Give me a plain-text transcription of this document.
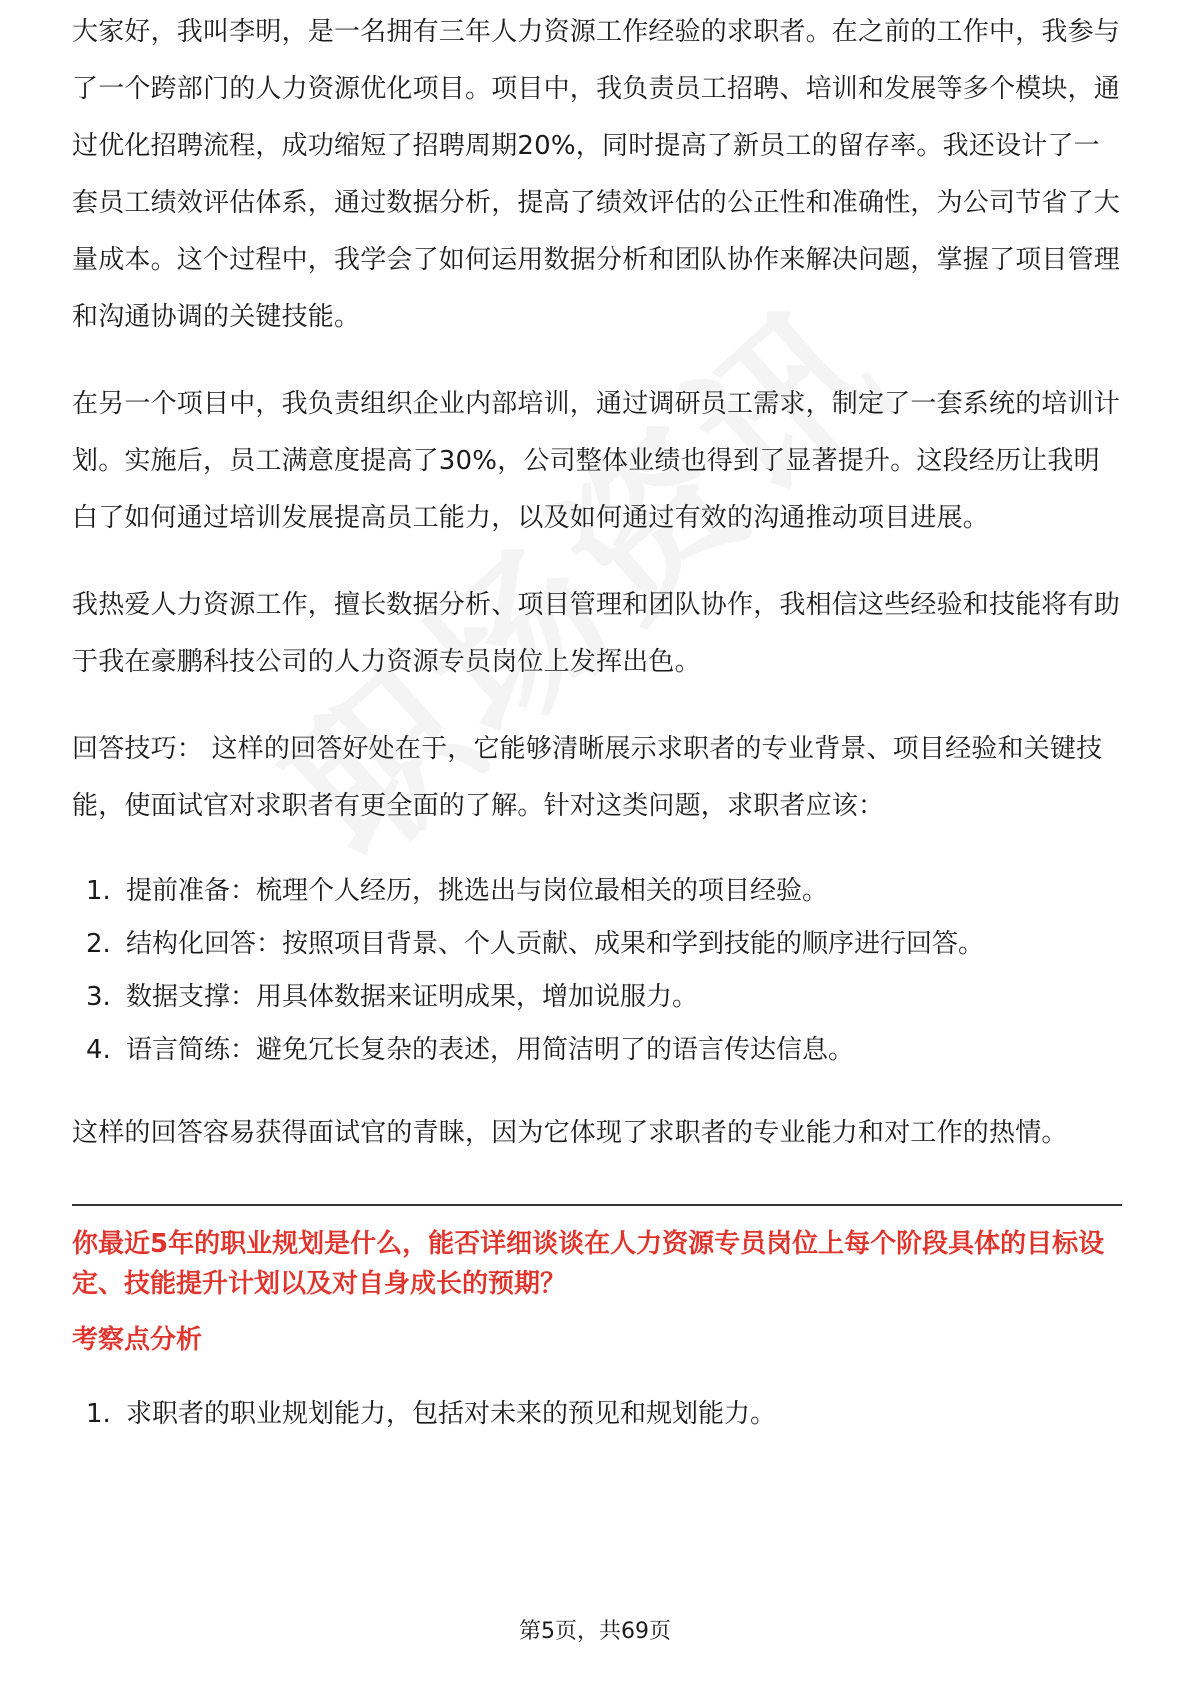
大家好，我叫李明，是一名拥有三年人力资源工作经验的求职者。在之前的工作中，我参与了一个跨部门的人力资源优化项目。项目中，我负责员工招聘、培训和发展等多个模块，通过优化招聘流程，成功缩短了招聘周期20%，同时提高了新员工的留存率。我还设计了一套员工绩效评估体系，通过数据分析，提高了绩效评估的公正性和准确性，为公司节省了大量成本。这个过程中，我学会了如何运用数据分析和团队协作来解决问题，掌握了项目管理和沟通协调的关键技能。

在另一个项目中，我负责组织企业内部培训，通过调研员工需求，制定了一套系统的培训计划。实施后，员工满意度提高了30%，公司整体业绩也得到了显著提升。这段经历让我明白了如何通过培训发展提高员工能力，以及如何通过有效的沟通推动项目进展。

我热爱人力资源工作，擅长数据分析、项目管理和团队协作，我相信这些经验和技能将有助于我在豪鹏科技公司的人力资源专员岗位上发挥出色。

回答技巧： 这样的回答好处在于，它能够清晰展示求职者的专业背景、项目经验和关键技能，使面试官对求职者有更全面的了解。针对这类问题，求职者应该：

1. 提前准备：梳理个人经历，挑选出与岗位最相关的项目经验。
2. 结构化回答：按照项目背景、个人贡献、成果和学到技能的顺序进行回答。
3. 数据支撑：用具体数据来证明成果，增加说服力。
4. 语言简练：避免冗长复杂的表述，用简洁明了的语言传达信息。

这样的回答容易获得面试官的青睐，因为它体现了求职者的专业能力和对工作的热情。

你最近5年的职业规划是什么，能否详细谈谈在人力资源专员岗位上每个阶段具体的目标设定、技能提升计划以及对自身成长的预期？
考察点分析
1. 求职者的职业规划能力，包括对未来的预见和规划能力。
第5页，共69页
